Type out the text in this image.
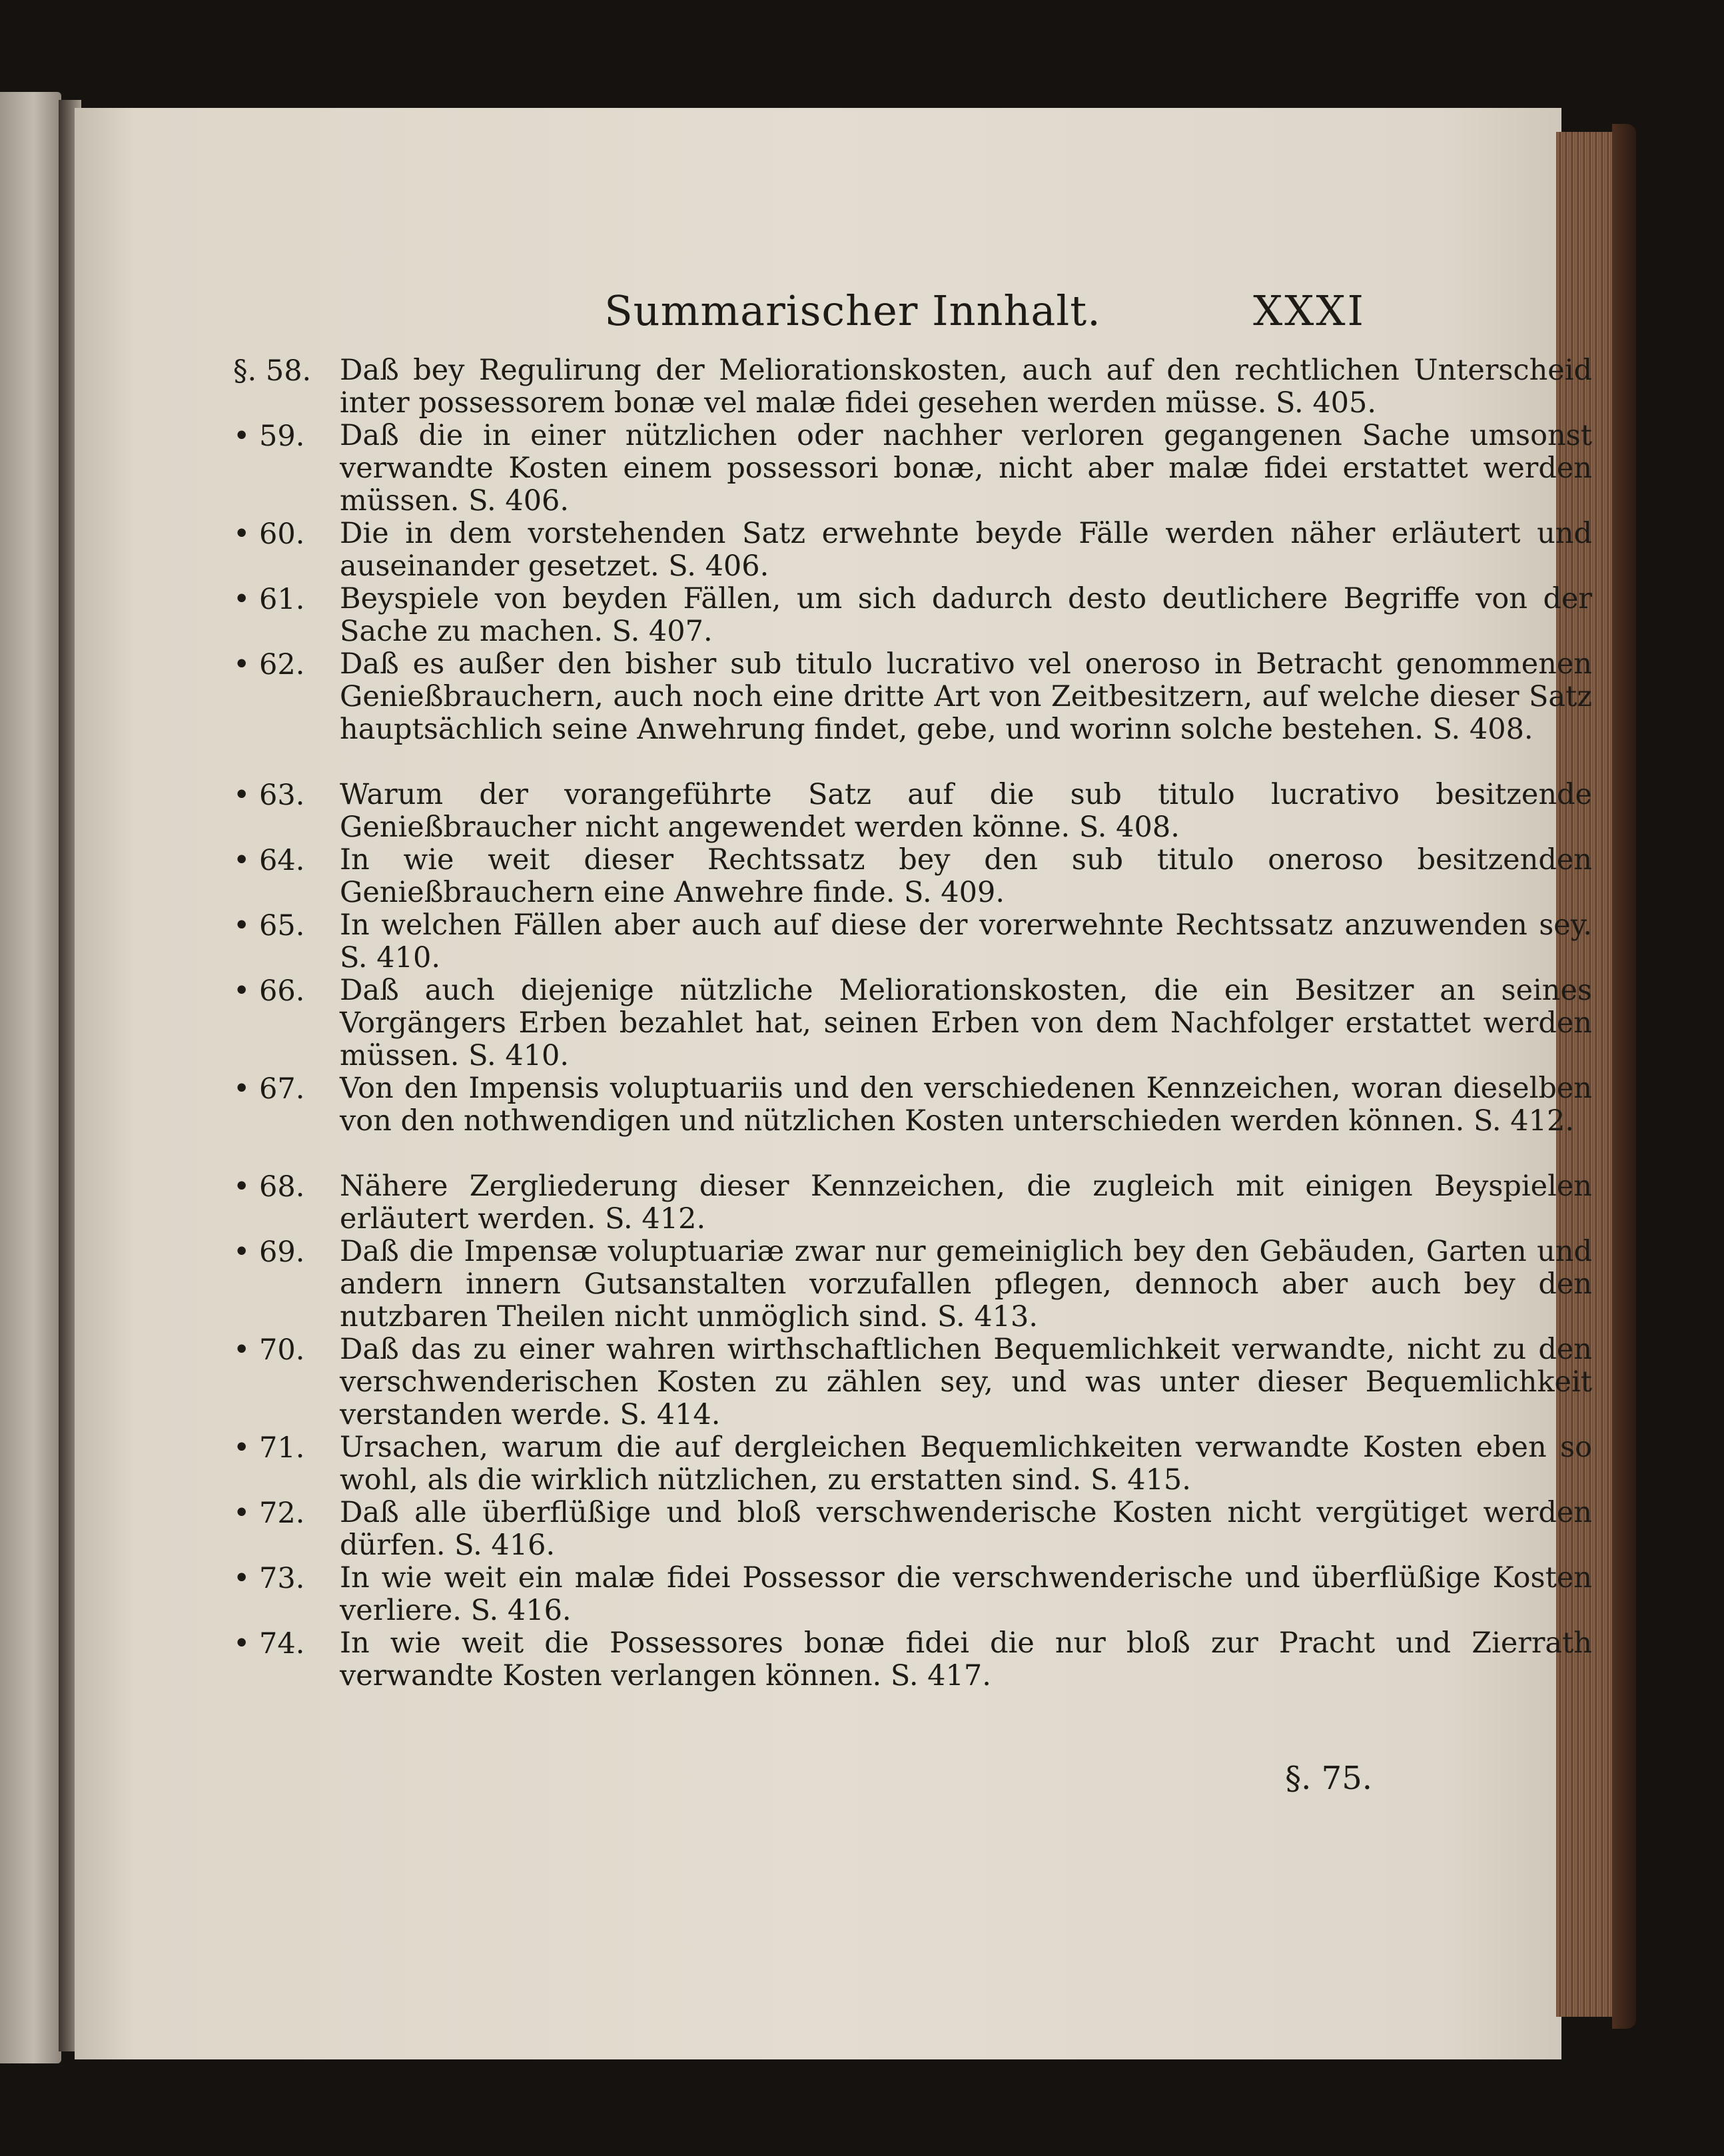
Summarischer Innhalt.	XXXI
§. 58. Daß bey Regulirung der Meliorationskosten, auch auf den rechtlichen Unterscheid inter possessorem bonæ vel malæ fidei gesehen werden müsse. S. 405.
• 59.	Daß die in einer nützlichen oder nachher verloren gegangenen Sache umsonst verwandte Kosten einem possessori bonæ, nicht aber malæ fidei erstattet werden müssen. S. 406.
• 60.	Die in dem vorstehenden Satz erwehnte beyde Fälle werden näher erläutert und auseinander gesetzet. S. 406.
• 61.	Beyspiele von beyden Fällen, um sich dadurch desto deutlichere Begriffe von der Sache zu machen. S. 407.
• 62.	Daß es außer den bisher sub titulo lucrativo vel oneroso in Betracht genommenen Genießbrauchern, auch noch eine dritte Art von Zeitbesitzern, auf welche dieser Satz hauptsächlich seine Anwehrung findet, gebe, und worinn solche bestehen. S. 408.
• 63.	Warum der vorangeführte Satz auf die sub titulo lucrativo besitzende Genießbraucher nicht angewendet werden könne. S. 408.
• 64.	In wie weit dieser Rechtssatz bey den sub titulo oneroso besitzenden Genießbrauchern eine Anwehre finde. S. 409.
• 65.	In welchen Fällen aber auch auf diese der vorerwehnte Rechtssatz anzuwenden sey. S. 410.
• 66.	Daß auch diejenige nützliche Meliorationskosten, die ein Besitzer an seines Vorgängers Erben bezahlet hat, seinen Erben von dem Nachfolger erstattet werden müssen. S. 410.
• 67.	Von den Impensis voluptuariis und den verschiedenen Kennzeichen, woran dieselben von den nothwendigen und nützlichen Kosten unterschieden werden können. S. 412.
• 68.	Nähere Zergliederung dieser Kennzeichen, die zugleich mit einigen Beyspielen erläutert werden. S. 412.
• 69.	Daß die Impensæ voluptuariæ zwar nur gemeiniglich bey den Gebäuden, Garten und andern innern Gutsanstalten vorzufallen pflegen, dennoch aber auch bey den nutzbaren Theilen nicht unmöglich sind. S. 413.
• 70.	Daß das zu einer wahren wirthschaftlichen Bequemlichkeit verwandte, nicht zu den verschwenderischen Kosten zu zählen sey, und was unter dieser Bequemlichkeit verstanden werde. S. 414.
• 71.	Ursachen, warum die auf dergleichen Bequemlichkeiten verwandte Kosten eben so wohl, als die wirklich nützlichen, zu erstatten sind. S. 415.
• 72.	Daß alle überflüßige und bloß verschwenderische Kosten nicht vergütiget werden dürfen. S. 416.
• 73.	In wie weit ein malæ fidei Possessor die verschwenderische und überflüßige Kosten verliere. S. 416.
• 74.	In wie weit die Possessores bonæ fidei die nur bloß zur Pracht und Zierrath verwandte Kosten verlangen können. S. 417.
§. 75.
